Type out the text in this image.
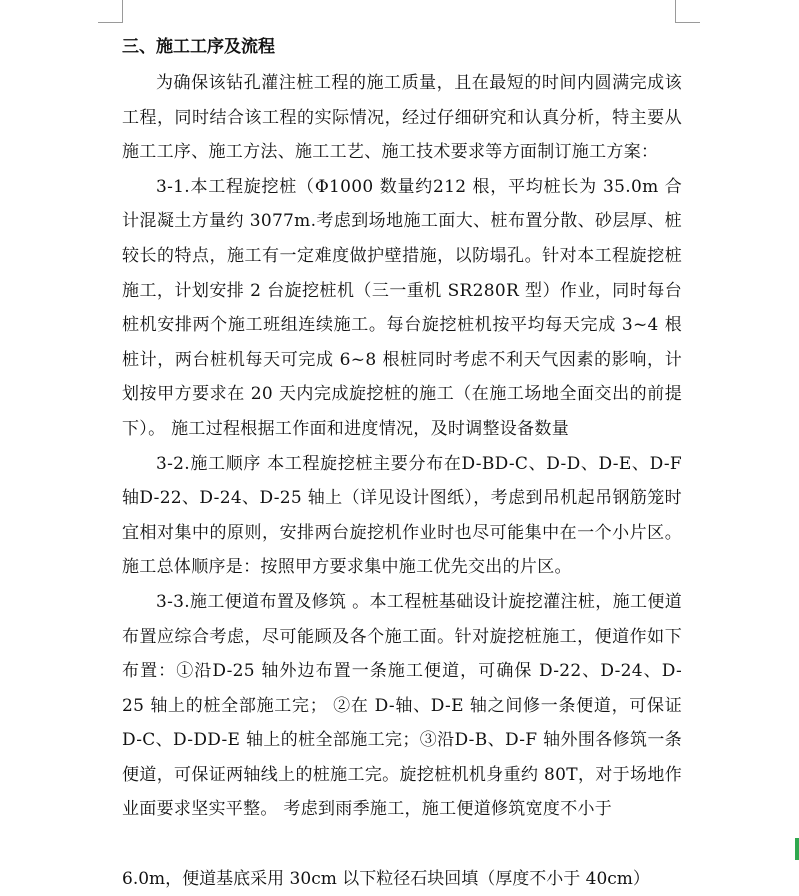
三、施工工序及流程

为确保该钻孔灌注桩工程的施工质量，且在最短的时间内圆满完成该工程，同时结合该工程的实际情况，经过仔细研究和认真分析，特主要从施工工序、施工方法、施工工艺、施工技术要求等方面制订施工方案：

3-1.本工程旋挖桩（Φ1000 数量约212 根，平均桩长为 35.0m 合计混凝土方量约 3077m.考虑到场地施工面大、桩布置分散、砂层厚、桩较长的特点，施工有一定难度做护壁措施，以防塌孔。针对本工程旋挖桩施工，计划安排 2 台旋挖桩机（三一重机 SR280R 型）作业，同时每台桩机安排两个施工班组连续施工。每台旋挖桩机按平均每天完成 3~4 根桩计，两台桩机每天可完成 6~8 根桩同时考虑不利天气因素的影响，计划按甲方要求在 20 天内完成旋挖桩的施工（在施工场地全面交出的前提下）。 施工过程根据工作面和进度情况，及时调整设备数量

3-2.施工顺序 本工程旋挖桩主要分布在D-BD-C、D-D、D-E、D-F 轴D-22、D-24、D-25 轴上（详见设计图纸），考虑到吊机起吊钢筋笼时宜相对集中的原则，安排两台旋挖机作业时也尽可能集中在一个小片区。施工总体顺序是：按照甲方要求集中施工优先交出的片区。

3-3.施工便道布置及修筑 。本工程桩基础设计旋挖灌注桩，施工便道布置应综合考虑，尽可能顾及各个施工面。针对旋挖桩施工，便道作如下布置：①沿D-25 轴外边布置一条施工便道，可确保 D-22、D-24、D-25 轴上的桩全部施工完； ②在 D-轴、D-E 轴之间修一条便道，可保证 D-C、D-DD-E 轴上的桩全部施工完；③沿D-B、D-F 轴外围各修筑一条便道，可保证两轴线上的桩施工完。旋挖桩机机身重约 80T，对于场地作业面要求坚实平整。 考虑到雨季施工，施工便道修筑宽度不小于

6.0m，便道基底采用 30cm 以下粒径石块回填（厚度不小于 40cm）
